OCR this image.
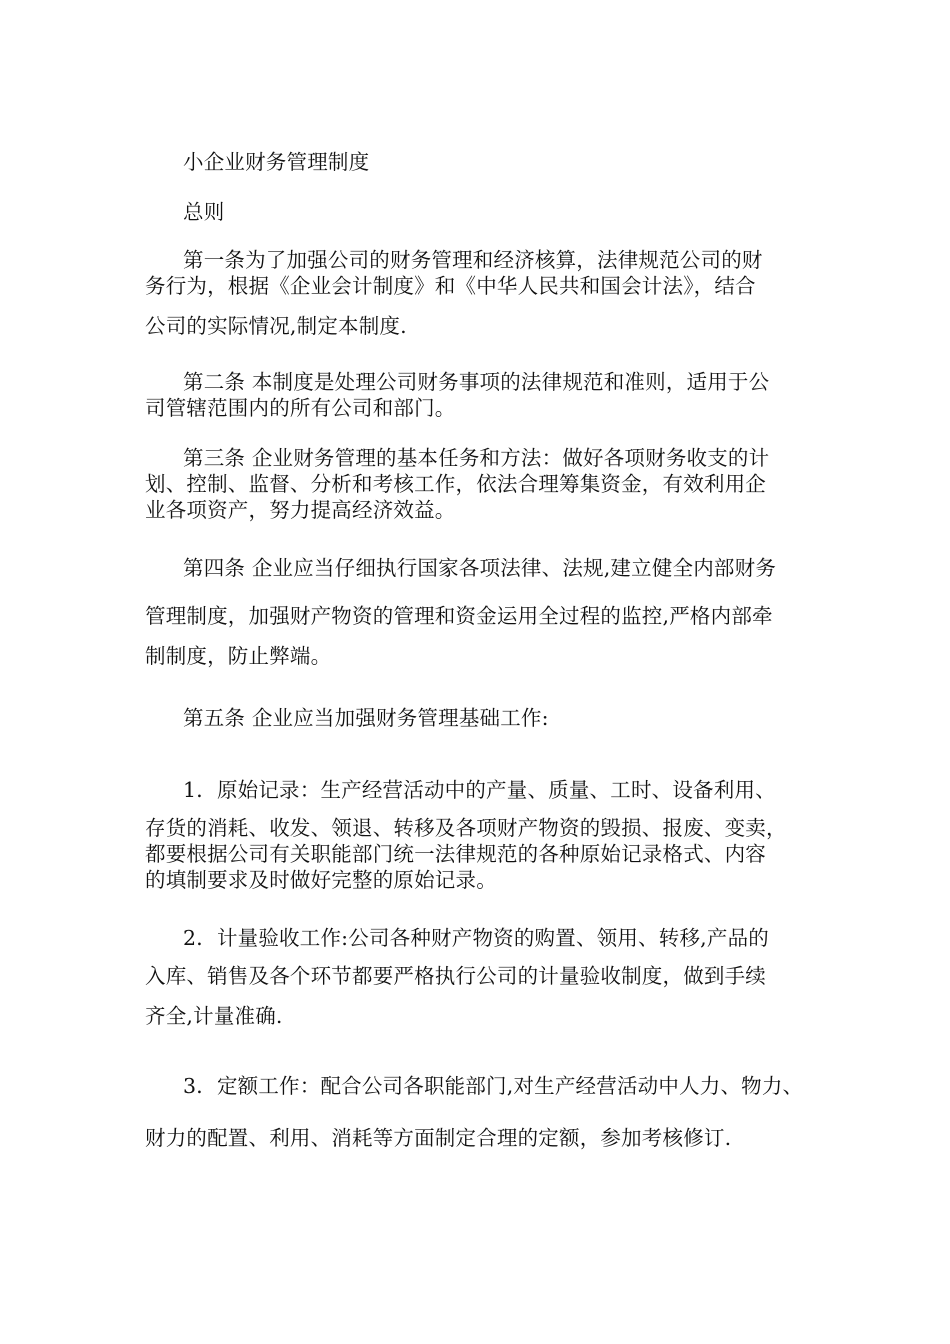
小企业财务管理制度
总则
第一条为了加强公司的财务管理和经济核算，法律规范公司的财
务行为，根据《企业会计制度》和《中华人民共和国会计法》，结合
公司的实际情况,制定本制度.
第二条 本制度是处理公司财务事项的法律规范和准则，适用于公
司管辖范围内的所有公司和部门。
第三条 企业财务管理的基本任务和方法：做好各项财务收支的计
划、控制、监督、分析和考核工作，依法合理筹集资金，有效利用企
业各项资产，努力提高经济效益。
第四条 企业应当仔细执行国家各项法律、法规,建立健全内部财务
管理制度，加强财产物资的管理和资金运用全过程的监控,严格内部牵
制制度，防止弊端。
第五条 企业应当加强财务管理基础工作:
1．原始记录：生产经营活动中的产量、质量、工时、设备利用、
存货的消耗、收发、领退、转移及各项财产物资的毁损、报废、变卖，
都要根据公司有关职能部门统一法律规范的各种原始记录格式、内容
的填制要求及时做好完整的原始记录。
2．计量验收工作:公司各种财产物资的购置、领用、转移,产品的
入库、销售及各个环节都要严格执行公司的计量验收制度，做到手续
齐全,计量准确.
3．定额工作：配合公司各职能部门,对生产经营活动中人力、物力、
财力的配置、利用、消耗等方面制定合理的定额，参加考核修订.
